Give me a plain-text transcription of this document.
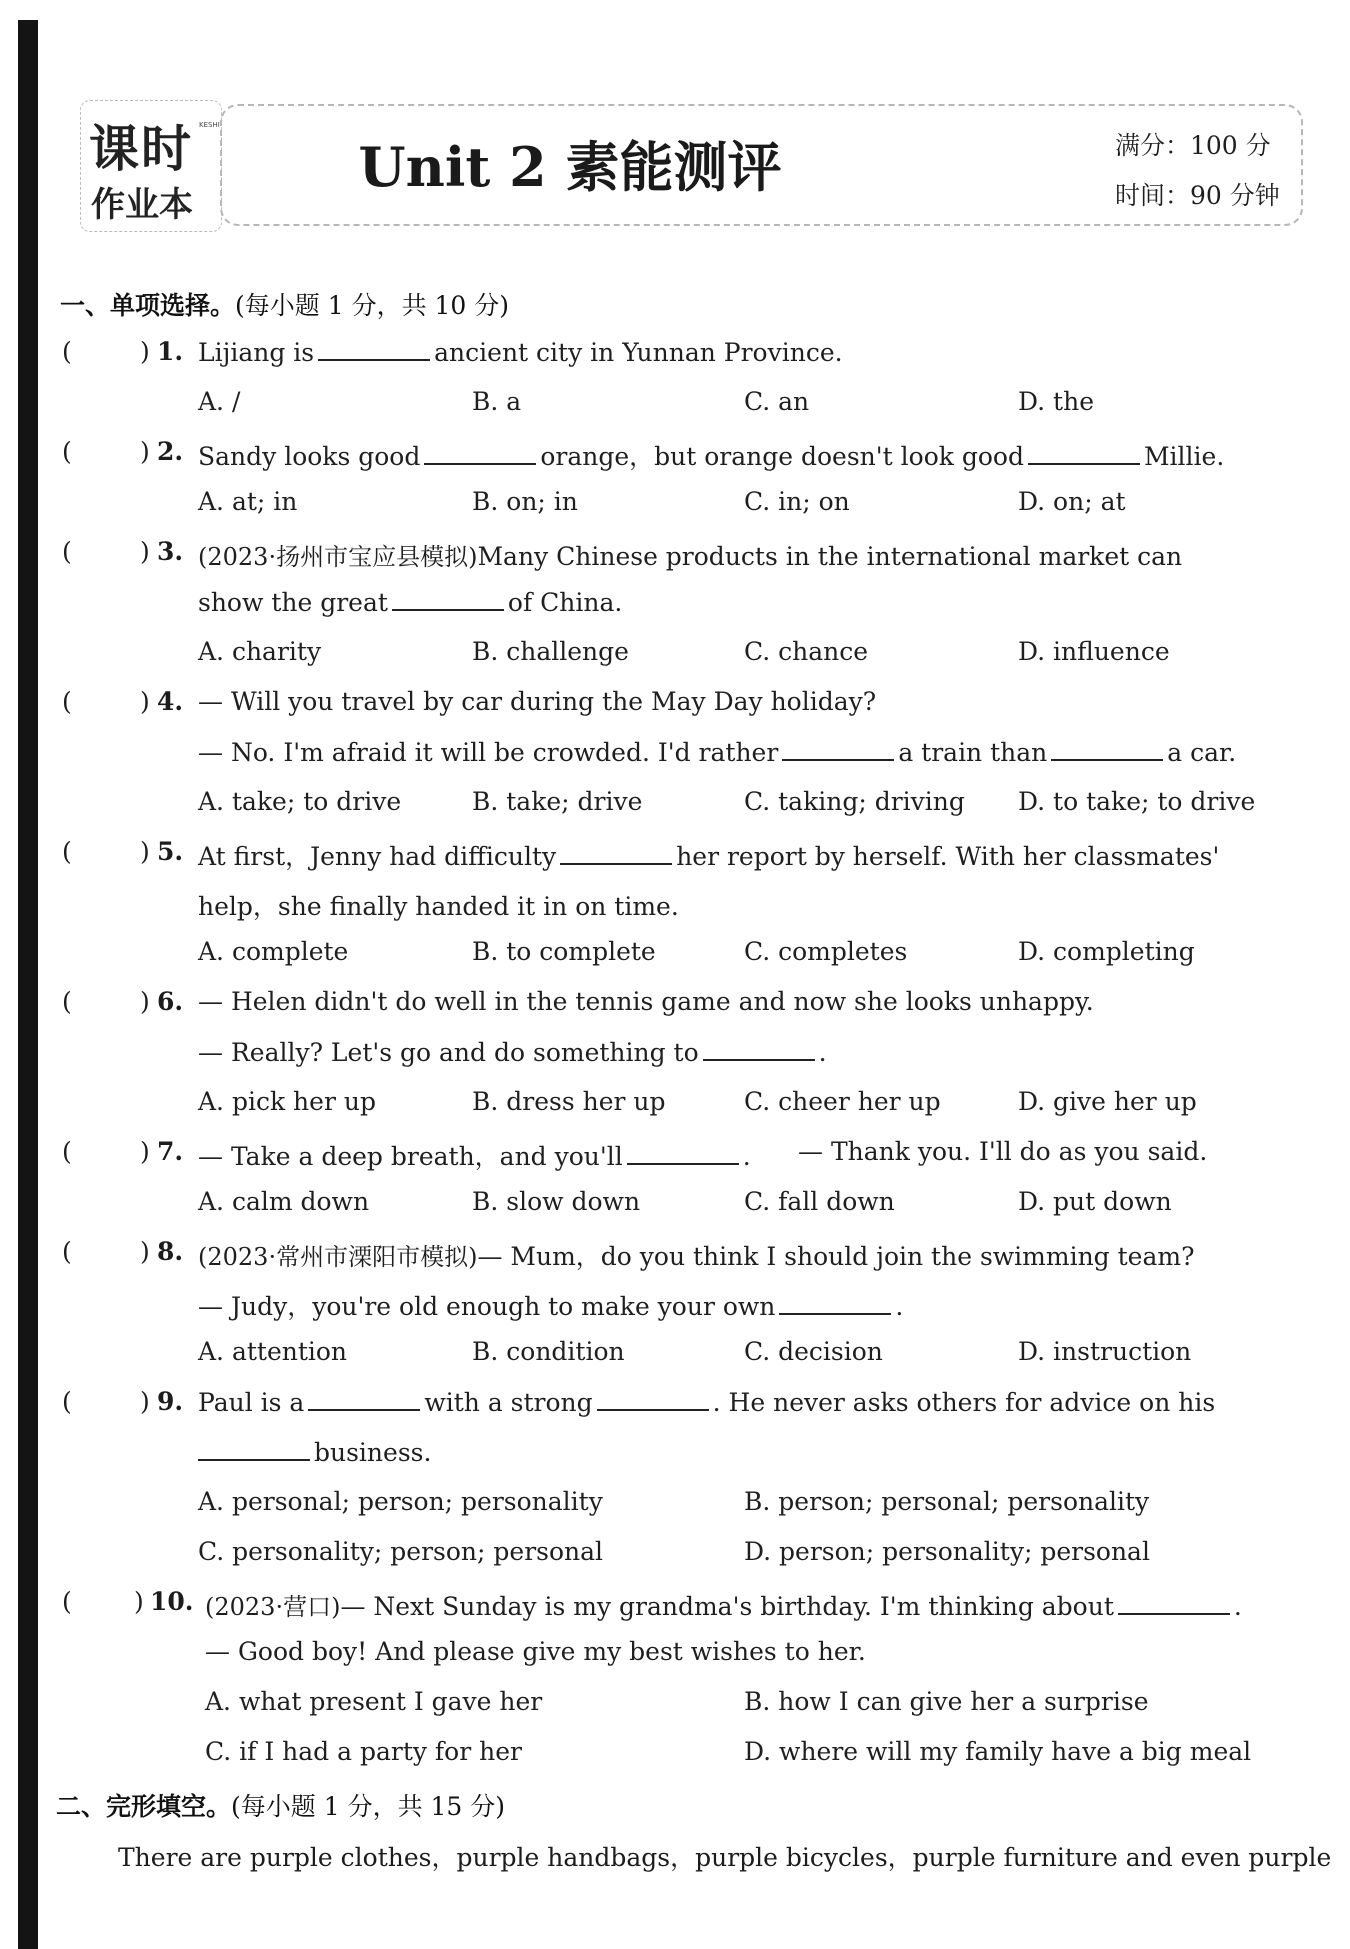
课时 KESHI
作业本
Unit 2 素能测评	满分：100 分
时间：90 分钟
一、单项选择。(每小题 1 分，共 10 分)
(	) 1. Lijiang is	ancient city in Yunnan Province.
A. /	B. a	C. an	D. the
(	) 2. Sandy looks good	orange，but orange doesn't look good	Millie.
A. at; in	B. on; in	C. in; on	D. on; at
(	) 3. (2023·扬州市宝应县模拟)Many Chinese products in the international market can
show the great	of China.
A. charity	B. challenge	C. chance	D. influence
(	) 4. — Will you travel by car during the May Day holiday?
— No. I'm afraid it will be crowded. I'd rather	a train than	a car.
A. take; to drive	B. take; drive	C. taking; driving D. to take; to drive
(	) 5. At first，Jenny had difficulty	her report by herself. With her classmates'
help，she finally handed it in on time.
A. complete	B. to complete	C. completes	D. completing
(	) 6. — Helen didn't do well in the tennis game and now she looks unhappy.
— Really? Let's go and do something to	.
A. pick her up	B. dress her up	C. cheer her up	D. give her up
(	) 7. — Take a deep breath，and you'll	. — Thank you. I'll do as you said.
A. calm down	B. slow down	C. fall down	D. put down
(	) 8. (2023·常州市溧阳市模拟)— Mum，do you think I should join the swimming team?
— Judy，you're old enough to make your own	.
A. attention	B. condition	C. decision	D. instruction
(	) 9. Paul is a	with a strong	. He never asks others for advice on his
business.
A. personal; person; personality	B. person; personal; personality
C. personality; person; personal	D. person; personality; personal
( ) 10. (2023·营口)— Next Sunday is my grandma's birthday. I'm thinking about	.
— Good boy! And please give my best wishes to her.
A. what present I gave her	B. how I can give her a surprise
C. if I had a party for her	D. where will my family have a big meal
二、完形填空。(每小题 1 分，共 15 分)
There are purple clothes，purple handbags，purple bicycles，purple furniture and even purple
